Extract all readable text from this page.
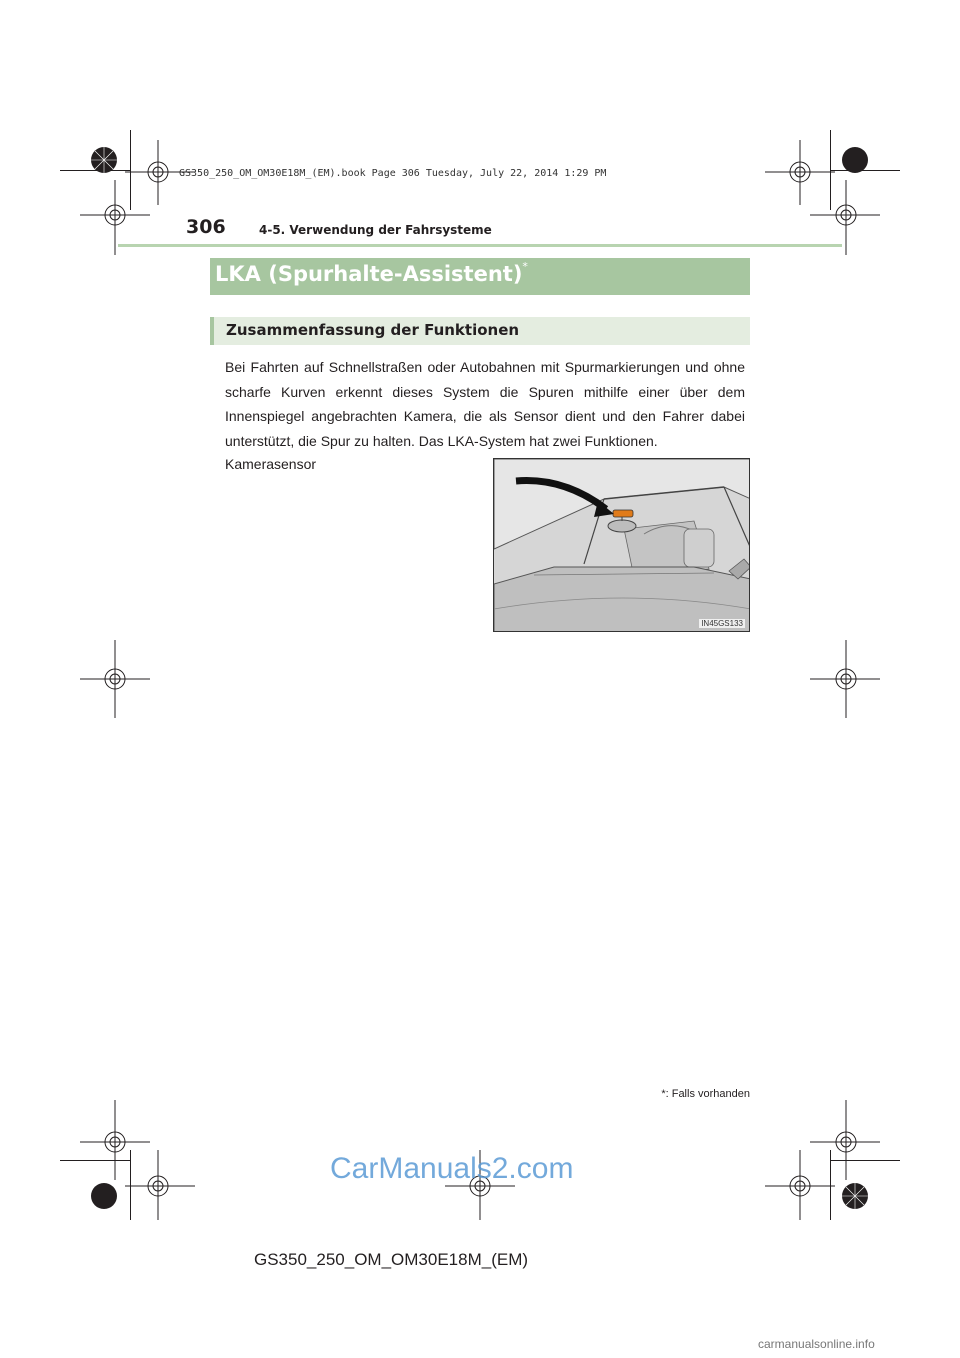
GS350_250_OM_OM30E18M_(EM).book Page 306 Tuesday, July 22, 2014 1:29 PM
306	4-5. Verwendung der Fahrsysteme
LKA (Spurhalte-Assistent)*
Zusammenfassung der Funktionen
Bei Fahrten auf Schnellstraßen oder Autobahnen mit Spurmarkierungen und ohne scharfe Kurven erkennt dieses System die Spuren mithilfe einer über dem Innenspiegel angebrachten Kamera, die als Sensor dient und den Fahrer dabei unterstützt, die Spur zu halten. Das LKA-System hat zwei Funktionen.
Kamerasensor
IN45GS133
*: Falls vorhanden
CarManuals2.com
GS350_250_OM_OM30E18M_(EM)
carmanualsonline.info
